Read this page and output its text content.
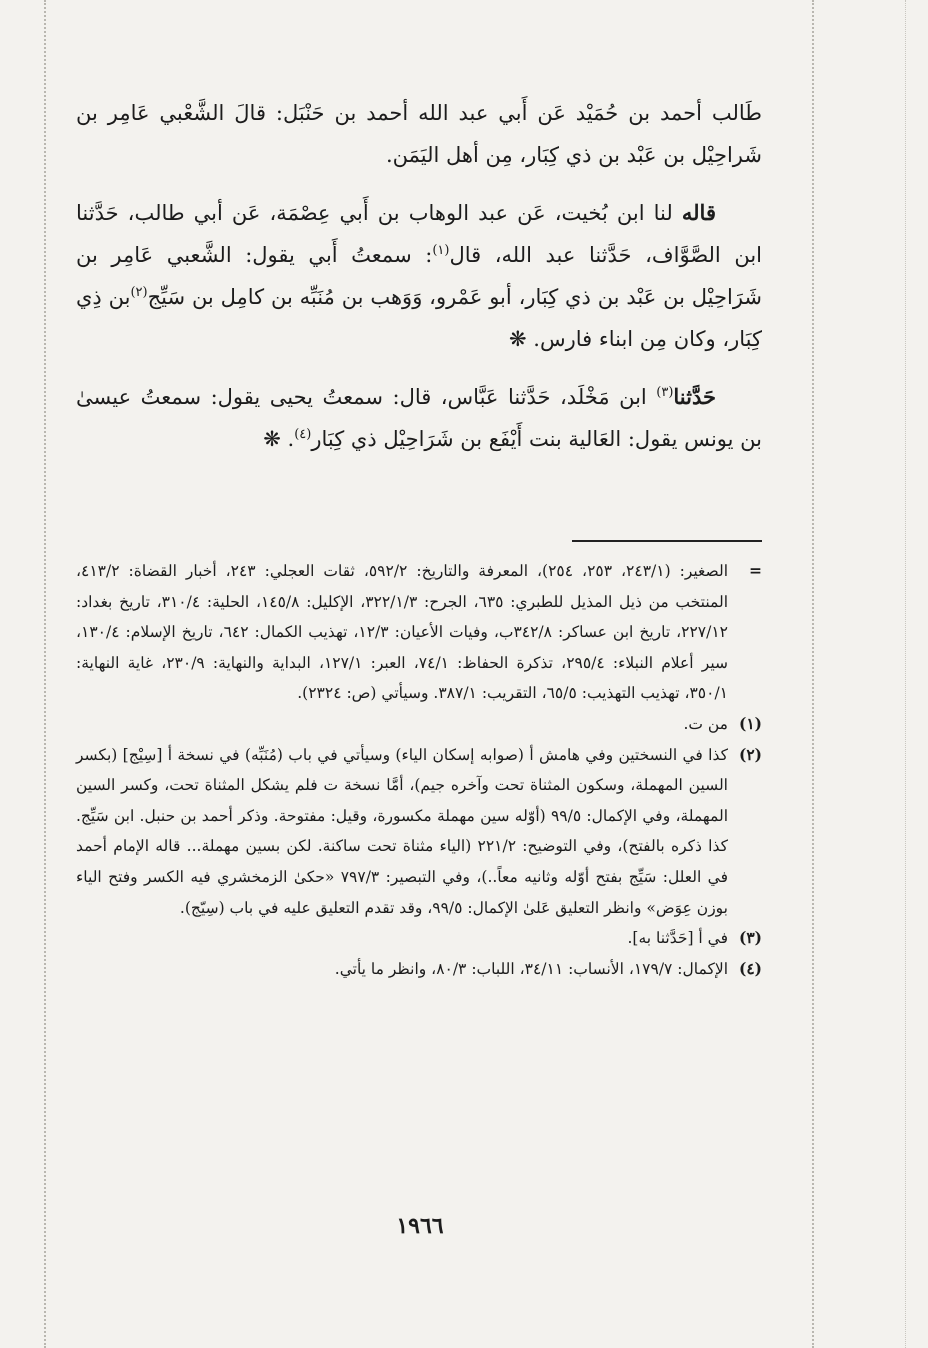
طَالب أحمد بن حُمَيْد عَن أَبي عبد الله أحمد بن حَنْبَل: قالَ الشَّعْبي عَامِر بن شَراحِيْل بن عَبْد بن ذي كِبَار، مِن أهل اليَمَن.

قاله لنا ابن بُخيت، عَن عبد الوهاب بن أَبي عِصْمَة، عَن أبي طالب، حَدَّثنا ابن الصَّوَّاف، حَدَّثنا عبد الله، قال$^{(١)}$: سمعتُ أَبي يقول: الشَّعبي عَامِر بن شَرَاحِيْل بن عَبْد بن ذي كِبَار، أبو عَمْرو، وَوَهب بن مُنَبِّه بن كامِل بن سَيِّج$^{(٢)}$بن ذِي كِبَار، وكان مِن ابناء فارس. ❋

حَدَّثنا$^{(٣)}$ ابن مَخْلَد، حَدَّثنا عَبَّاس، قال: سمعتُ يحيى يقول: سمعتُ عيسىٰ بن يونس يقول: العَالية بنت أَيْفَع بن شَرَاحِيْل ذي كِبَار$^{(٤)}$. ❋

=
الصغير: (٢٤٣/١، ٢٥٣، ٢٥٤)، المعرفة والتاريخ: ٥٩٢/٢، ثقات العجلي: ٢٤٣، أخبار القضاة: ٤١٣/٢، المنتخب من ذيل المذيل للطبري: ٦٣٥، الجرح: ٣٢٢/١/٣، الإكليل: ١٤٥/٨، الحلية: ٣١٠/٤، تاريخ بغداد: ٢٢٧/١٢، تاريخ ابن عساكر: ٣٤٢/٨ب، وفيات الأعيان: ١٢/٣، تهذيب الكمال: ٦٤٢، تاريخ الإسلام: ١٣٠/٤، سير أعلام النبلاء: ٢٩٥/٤، تذكرة الحفاظ: ٧٤/١، العبر: ١٢٧/١، البداية والنهاية: ٢٣٠/٩، غاية النهاية: ٣٥٠/١، تهذيب التهذيب: ٦٥/٥، التقريب: ٣٨٧/١. وسيأتي (ص: ٢٣٢٤).
(١)
من ت.
(٢)
كذا في النسختين وفي هامش أ (صوابه إسكان الياء) وسيأتي في باب (مُنَبِّه) في نسخة أ [سِيْج] (بكسر السين المهملة، وسكون المثناة تحت وآخره جيم)، أمَّا نسخة ت فلم يشكل المثناة تحت، وكسر السين المهملة، وفي الإكمال: ٩٩/٥ (أوّله سين مهملة مكسورة، وقيل: مفتوحة. وذكر أحمد بن حنبل. ابن سَيِّج. كذا ذكره بالفتح)، وفي التوضيح: ٢٢١/٢ (الياء مثناة تحت ساكنة. لكن بسين مهملة... قاله الإمام أحمد في العلل: سَيِّج بفتح أوّله وثانيه معاً..)، وفي التبصير: ٧٩٧/٣ «حكىٰ الزمخشري فيه الكسر وفتح الياء بوزن عِوَض» وانظر التعليق عَلىٰ الإكمال: ٩٩/٥، وقد تقدم التعليق عليه في باب (سِيّج).
(٣)
في أ [حَدَّثنا به].
(٤)
الإكمال: ١٧٩/٧، الأنساب: ٣٤/١١، اللباب: ٨٠/٣، وانظر ما يأتي.
١٩٦٦
